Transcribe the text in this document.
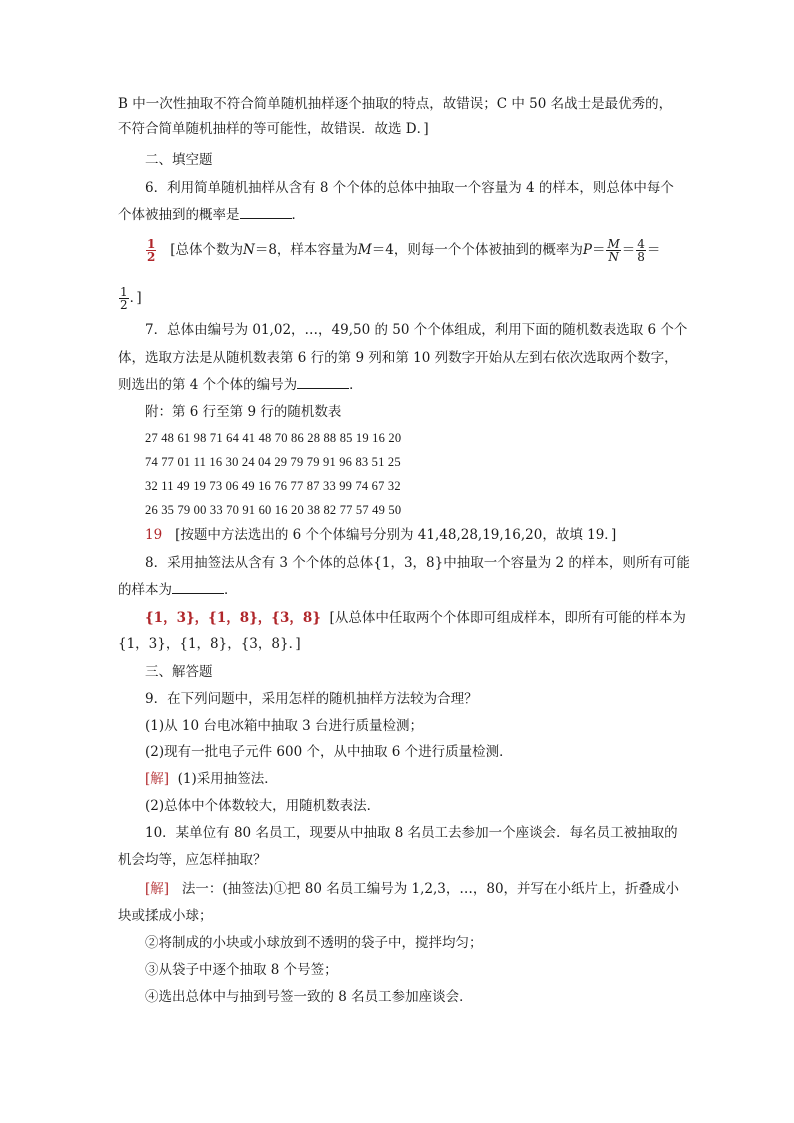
B 中一次性抽取不符合简单随机抽样逐个抽取的特点，故错误；C 中 50 名战士是最优秀的，
不符合简单随机抽样的等可能性，故错误．故选 D．]
二、填空题
6．利用简单随机抽样从含有 8 个个体的总体中抽取一个容量为 4 的样本，则总体中每个
个体被抽到的概率是	．
$\frac{1}{2}$ [总体个数为N＝8，样本容量为M＝4，则每一个个体被抽到的概率为$P= \frac{M}{N} = \frac{4}{8}$ ＝
$\frac{1}{2}$ ．]
7．总体由编号为 01,02，…，49,50 的 50 个个体组成，利用下面的随机数表选取 6 个个
体，选取方法是从随机数表第 6 行的第 9 列和第 10 列数字开始从左到右依次选取两个数字，
则选出的第 4 个个体的编号为	．
附：第 6 行至第 9 行的随机数表
27 48 61 98 71 64 41 48 70 86 28 88 85 19 16 20
74 77 01 11 16 30 24 04 29 79 79 91 96 83 51 25
32 11 49 19 73 06 49 16 76 77 87 33 99 74 67 32
26 35 79 00 33 70 91 60 16 20 38 82 77 57 49 50
19 [按题中方法选出的 6 个个体编号分别为 41,48,28,19,16,20，故填 19．]
8．采用抽签法从含有 3 个个体的总体{1，3，8}中抽取一个容量为 2 的样本，则所有可能
的样本为	．
{1，3}，{1，8}，{3，8} [从总体中任取两个个体即可组成样本，即所有可能的样本为
{1，3}，{1，8}，{3，8}．]
三、解答题
9．在下列问题中，采用怎样的随机抽样方法较为合理？
(1)从 10 台电冰箱中抽取 3 台进行质量检测；
(2)现有一批电子元件 600 个，从中抽取 6 个进行质量检测．
[解] (1)采用抽签法．
(2)总体中个体数较大，用随机数表法．
10．某单位有 80 名员工，现要从中抽取 8 名员工去参加一个座谈会．每名员工被抽取的
机会均等，应怎样抽取？
[解] 法一：(抽签法)①把 80 名员工编号为 1,2,3，…，80，并写在小纸片上，折叠成小
块或揉成小球；
②将制成的小块或小球放到不透明的袋子中，搅拌均匀；
③从袋子中逐个抽取 8 个号签；
④选出总体中与抽到号签一致的 8 名员工参加座谈会．
